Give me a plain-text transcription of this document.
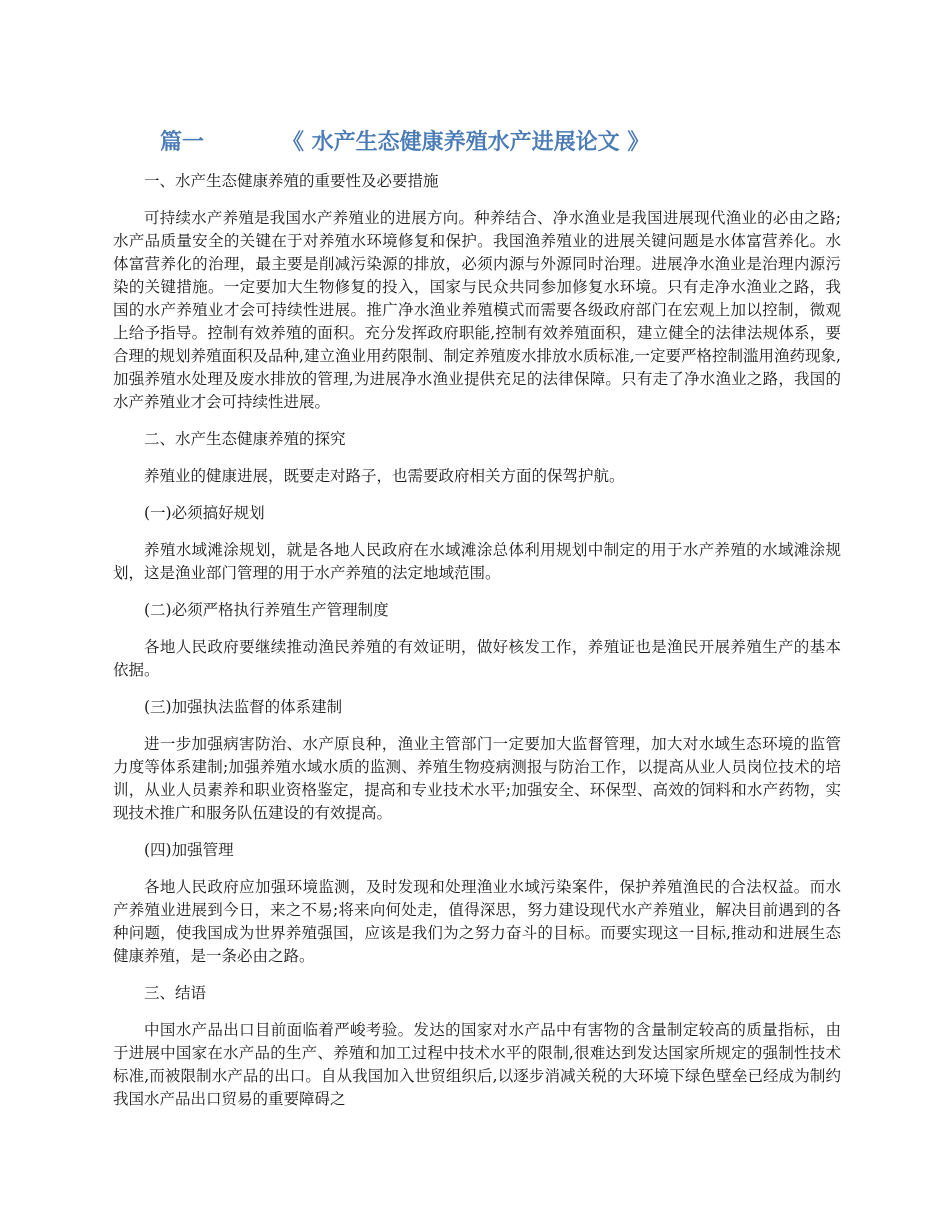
篇一	《 水产生态健康养殖水产进展论文 》

一、水产生态健康养殖的重要性及必要措施

可持续水产养殖是我国水产养殖业的进展方向。种养结合、净水渔业是我国进展现代渔业的必由之路;水产品质量安全的关键在于对养殖水环境修复和保护。我国渔养殖业的进展关键问题是水体富营养化。水体富营养化的治理，最主要是削减污染源的排放，必须内源与外源同时治理。进展净水渔业是治理内源污染的关键措施。一定要加大生物修复的投入，国家与民众共同参加修复水环境。只有走净水渔业之路，我国的水产养殖业才会可持续性进展。推广净水渔业养殖模式而需要各级政府部门在宏观上加以控制，微观上给予指导。控制有效养殖的面积。充分发挥政府职能,控制有效养殖面积，建立健全的法律法规体系，要合理的规划养殖面积及品种,建立渔业用药限制、制定养殖废水排放水质标准,一定要严格控制滥用渔药现象,加强养殖水处理及废水排放的管理,为进展净水渔业提供充足的法律保障。只有走了净水渔业之路，我国的水产养殖业才会可持续性进展。

二、水产生态健康养殖的探究

养殖业的健康进展，既要走对路子，也需要政府相关方面的保驾护航。

(一)必须搞好规划

养殖水域滩涂规划，就是各地人民政府在水域滩涂总体利用规划中制定的用于水产养殖的水域滩涂规划，这是渔业部门管理的用于水产养殖的法定地域范围。

(二)必须严格执行养殖生产管理制度

各地人民政府要继续推动渔民养殖的有效证明，做好核发工作，养殖证也是渔民开展养殖生产的基本依据。

(三)加强执法监督的体系建制

进一步加强病害防治、水产原良种，渔业主管部门一定要加大监督管理，加大对水域生态环境的监管力度等体系建制;加强养殖水域水质的监测、养殖生物疫病测报与防治工作，以提高从业人员岗位技术的培训，从业人员素养和职业资格鉴定，提高和专业技术水平;加强安全、环保型、高效的饲料和水产药物，实现技术推广和服务队伍建设的有效提高。

(四)加强管理

各地人民政府应加强环境监测，及时发现和处理渔业水域污染案件，保护养殖渔民的合法权益。而水产养殖业进展到今日，来之不易;将来向何处走，值得深思，努力建设现代水产养殖业，解决目前遇到的各种问题，使我国成为世界养殖强国，应该是我们为之努力奋斗的目标。而要实现这一目标,推动和进展生态健康养殖，是一条必由之路。

三、结语

中国水产品出口目前面临着严峻考验。发达的国家对水产品中有害物的含量制定较高的质量指标，由于进展中国家在水产品的生产、养殖和加工过程中技术水平的限制,很难达到发达国家所规定的强制性技术标准,而被限制水产品的出口。自从我国加入世贸组织后,以逐步消减关税的大环境下绿色壁垒已经成为制约我国水产品出口贸易的重要障碍之
